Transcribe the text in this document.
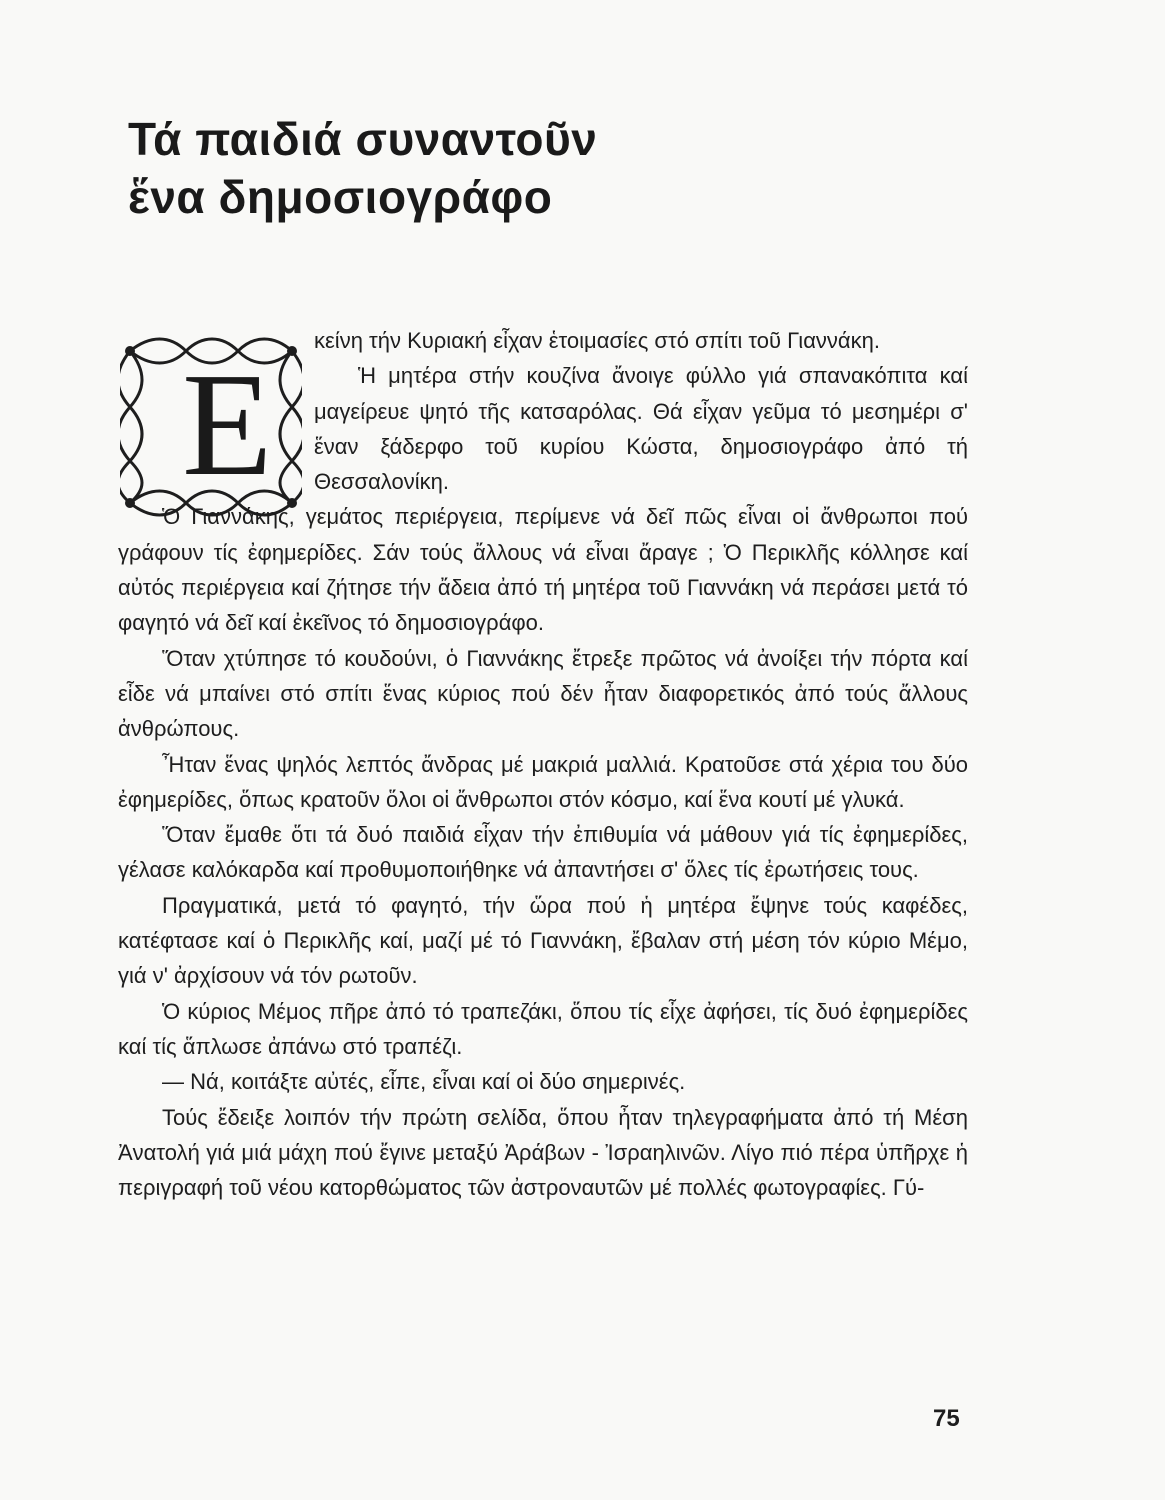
Τά παιδιά συναντοῦν
ἕνα δημοσιογράφο
Ε

κείνη τήν Κυριακή εἶχαν ἑτοιμασίες στό σπίτι τοῦ Γιαννάκη.

Ἡ μητέρα στήν κουζίνα ἄνοιγε φύλλο γιά σπανακόπιτα καί μαγείρευε ψητό τῆς κατσαρόλας. Θά εἶχαν γεῦμα τό μεσημέρι σ' ἕναν ξάδερφο τοῦ κυρίου Κώστα, δημοσιογράφο ἀπό τή Θεσσαλονίκη.

Ὁ Γιαννάκης, γεμάτος περιέργεια, περίμενε νά δεῖ πῶς εἶναι οἱ ἄνθρωποι πού γράφουν τίς ἐφημερίδες. Σάν τούς ἄλλους νά εἶναι ἄραγε ; Ὁ Περικλῆς κόλλησε καί αὐτός περιέργεια καί ζήτησε τήν ἄδεια ἀπό τή μητέρα τοῦ Γιαννάκη νά περάσει μετά τό φαγητό νά δεῖ καί ἐκεῖνος τό δημοσιογράφο.

Ὅταν χτύπησε τό κουδούνι, ὁ Γιαννάκης ἔτρεξε πρῶτος νά ἀνοίξει τήν πόρτα καί εἶδε νά μπαίνει στό σπίτι ἕνας κύριος πού δέν ἦταν διαφορετικός ἀπό τούς ἄλλους ἀνθρώπους.

Ἦταν ἕνας ψηλός λεπτός ἄνδρας μέ μακριά μαλλιά. Κρατοῦσε στά χέρια του δύο ἐφημερίδες, ὅπως κρατοῦν ὅλοι οἱ ἄνθρωποι στόν κόσμο, καί ἕνα κουτί μέ γλυκά.

Ὅταν ἔμαθε ὅτι τά δυό παιδιά εἶχαν τήν ἐπιθυμία νά μάθουν γιά τίς ἐφημερίδες, γέλασε καλόκαρδα καί προθυμοποιήθηκε νά ἀπαντήσει σ' ὅλες τίς ἐρωτήσεις τους.

Πραγματικά, μετά τό φαγητό, τήν ὥρα πού ἡ μητέρα ἔψηνε τούς καφέδες, κατέφτασε καί ὁ Περικλῆς καί, μαζί μέ τό Γιαννάκη, ἔβαλαν στή μέση τόν κύριο Μέμο, γιά ν' ἀρχίσουν νά τόν ρωτοῦν.

Ὁ κύριος Μέμος πῆρε ἀπό τό τραπεζάκι, ὅπου τίς εἶχε ἀφήσει, τίς δυό ἐφημερίδες καί τίς ἅπλωσε ἀπάνω στό τραπέζι.

— Νά, κοιτάξτε αὐτές, εἶπε, εἶναι καί οἱ δύο σημερινές.

Τούς ἔδειξε λοιπόν τήν πρώτη σελίδα, ὅπου ἦταν τηλεγραφήματα ἀπό τή Μέση Ἀνατολή γιά μιά μάχη πού ἔγινε μεταξύ Ἀράβων - Ἰσραηλινῶν. Λίγο πιό πέρα ὑπῆρχε ἡ περιγραφή τοῦ νέου κατορθώματος τῶν ἀστροναυτῶν μέ πολλές φωτογραφίες. Γύ-

75
